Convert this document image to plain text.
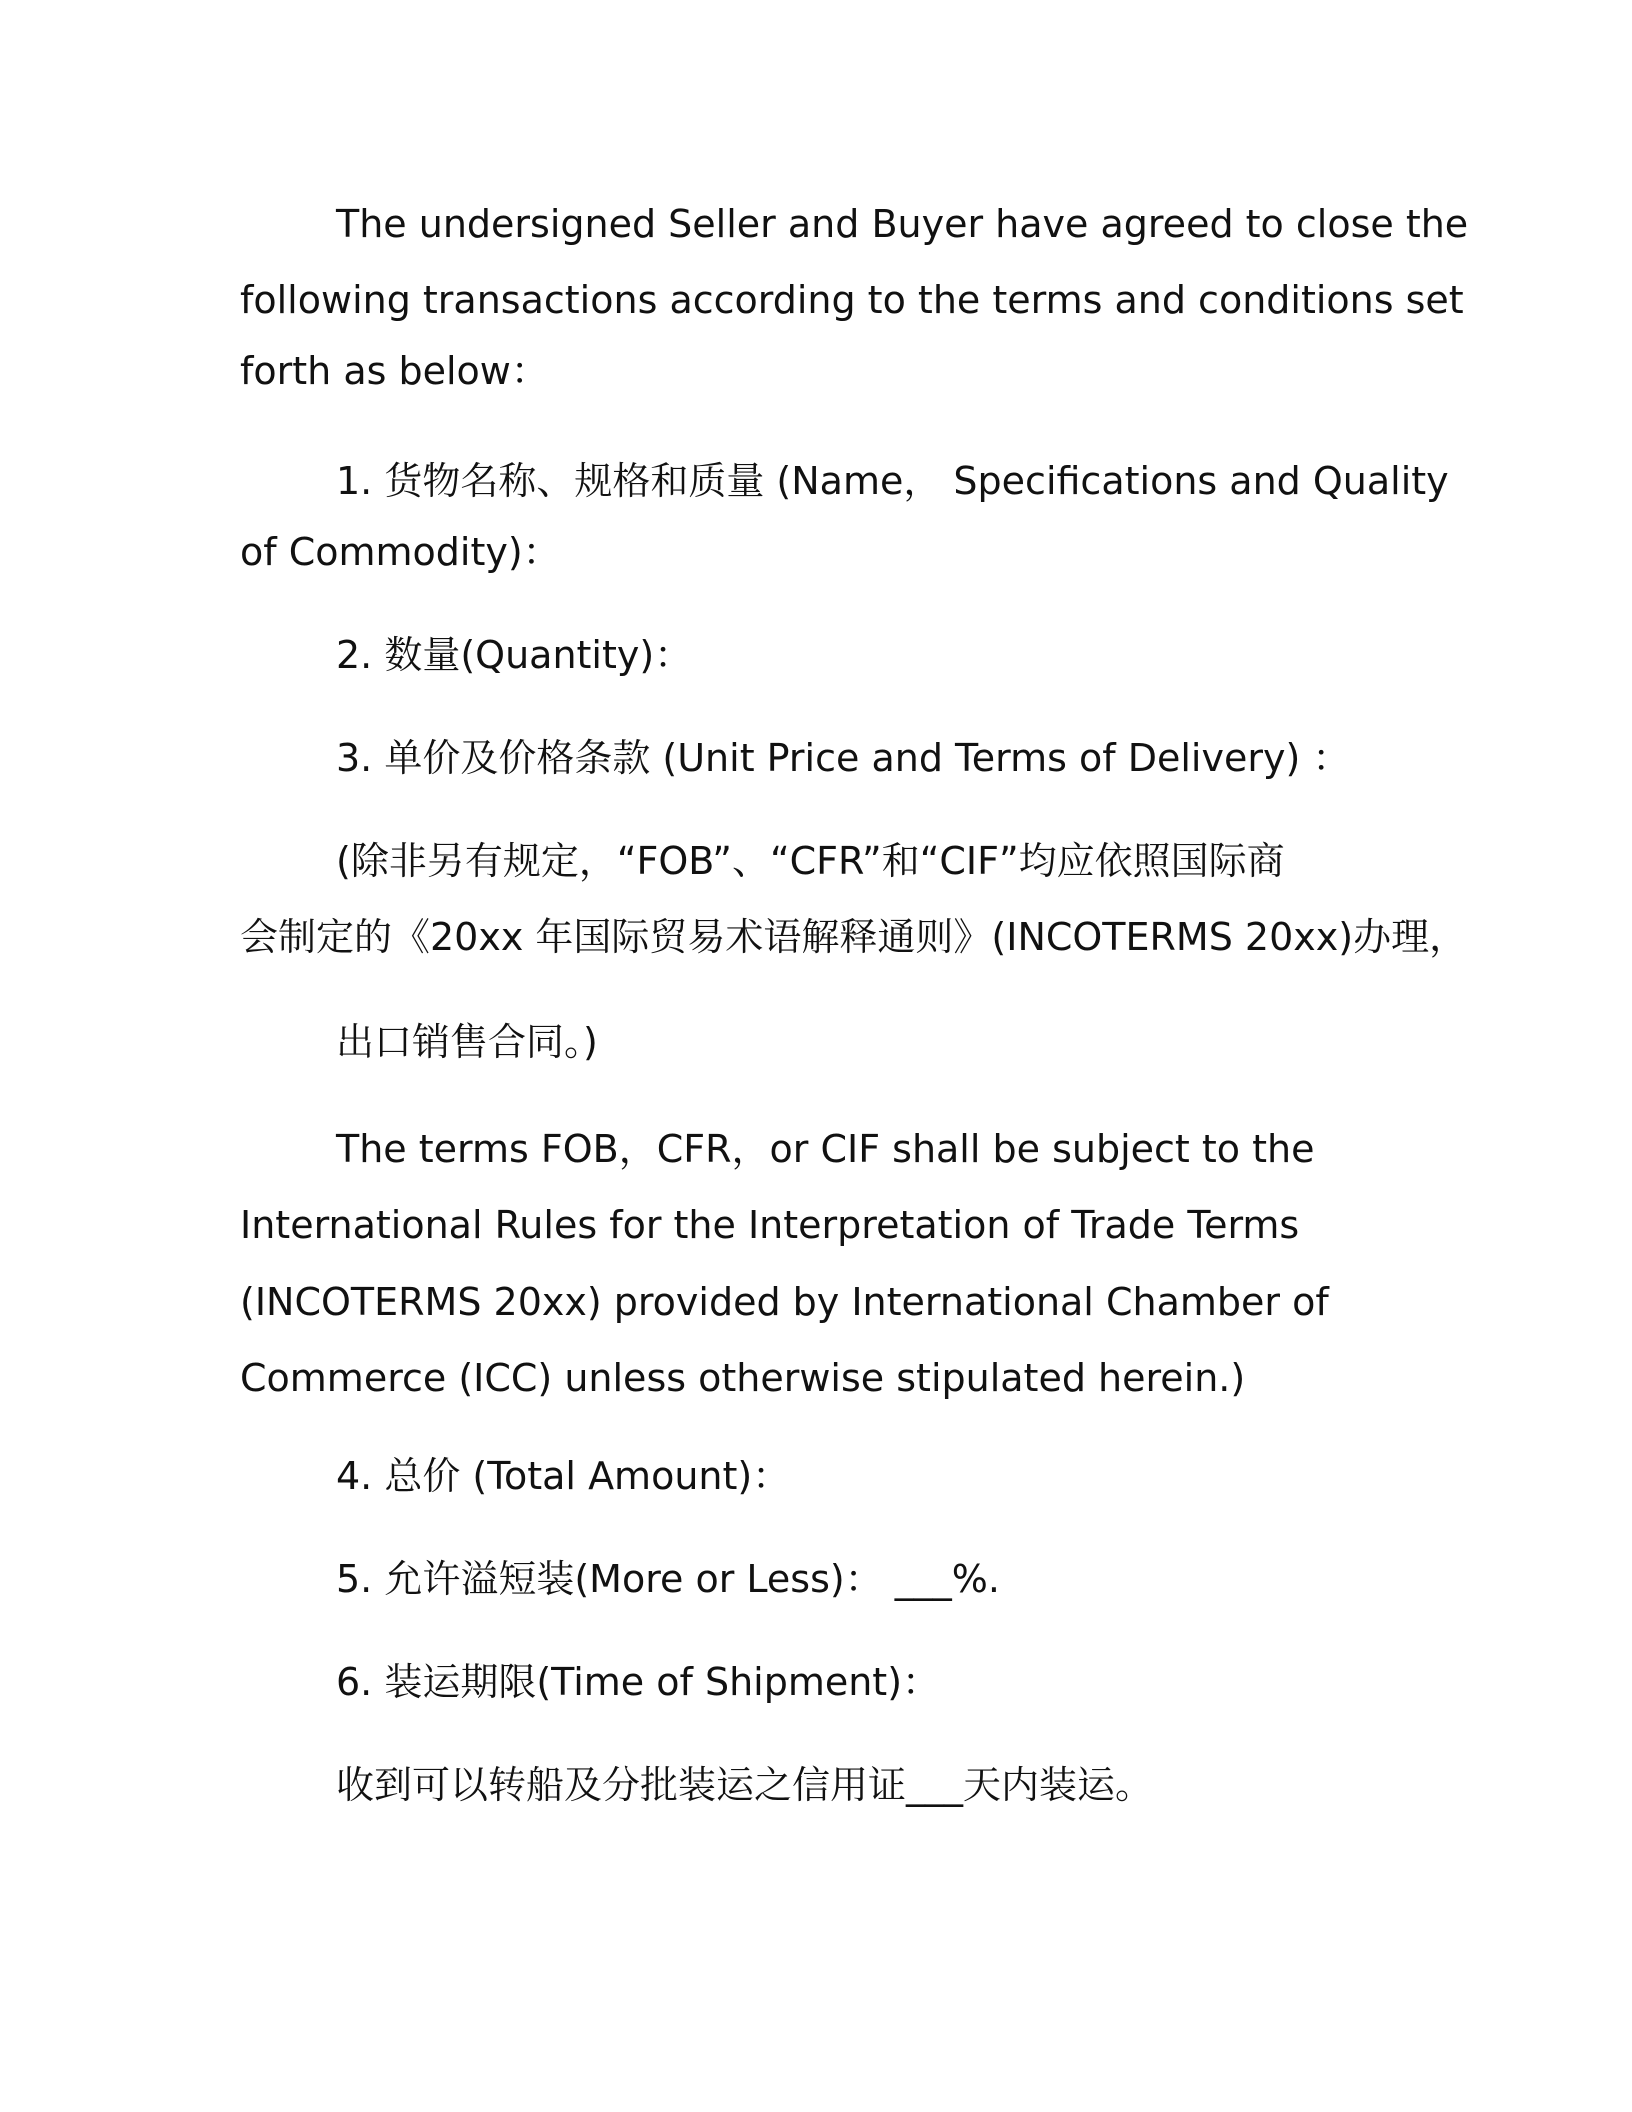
The undersigned Seller and Buyer have agreed to close the
following transactions according to the terms and conditions set
forth as below：
1. 货物名称、规格和质量 (Name， Specifications and Quality
of Commodity)：
2. 数量(Quantity)：
3. 单价及价格条款 (Unit Price and Terms of Delivery) ：
(除非另有规定，“FOB”、“CFR”和“CIF”均应依照国际商
会制定的《20xx 年国际贸易术语解释通则》(INCOTERMS 20xx)办理，
出口销售合同。)
The terms FOB，CFR，or CIF shall be subject to the
International Rules for the Interpretation of Trade Terms
(INCOTERMS 20xx) provided by International Chamber of
Commerce (ICC) unless otherwise stipulated herein.)
4. 总价 (Total Amount)：
5. 允许溢短装(More or Less)： ___%.
6. 装运期限(Time of Shipment)：
收到可以转船及分批装运之信用证___天内装运。
